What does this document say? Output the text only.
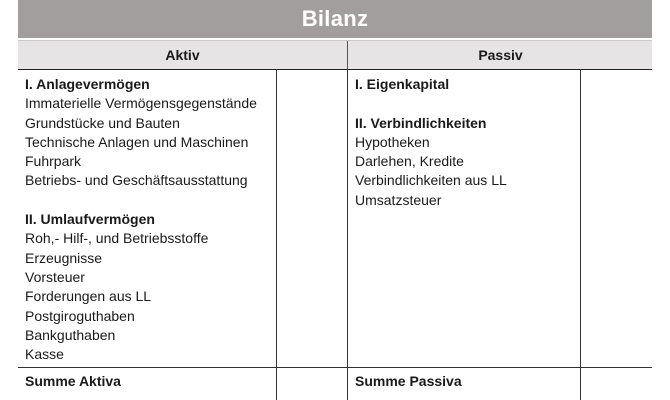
Bilanz
Aktiv	Passiv
I. Anlagevermögen
Immaterielle Vermögensgegenstände
Grundstücke und Bauten
Technische Anlagen und Maschinen
Fuhrpark
Betriebs- und Geschäftsausstattung
II. Umlaufvermögen
Roh,- Hilf-, und Betriebsstoffe
Erzeugnisse
Vorsteuer
Forderungen aus LL
Postgiroguthaben
Bankguthaben
Kasse
I. Eigenkapital
II. Verbindlichkeiten
Hypotheken
Darlehen, Kredite
Verbindlichkeiten aus LL
Umsatzsteuer
Summe Aktiva	Summe Passiva
